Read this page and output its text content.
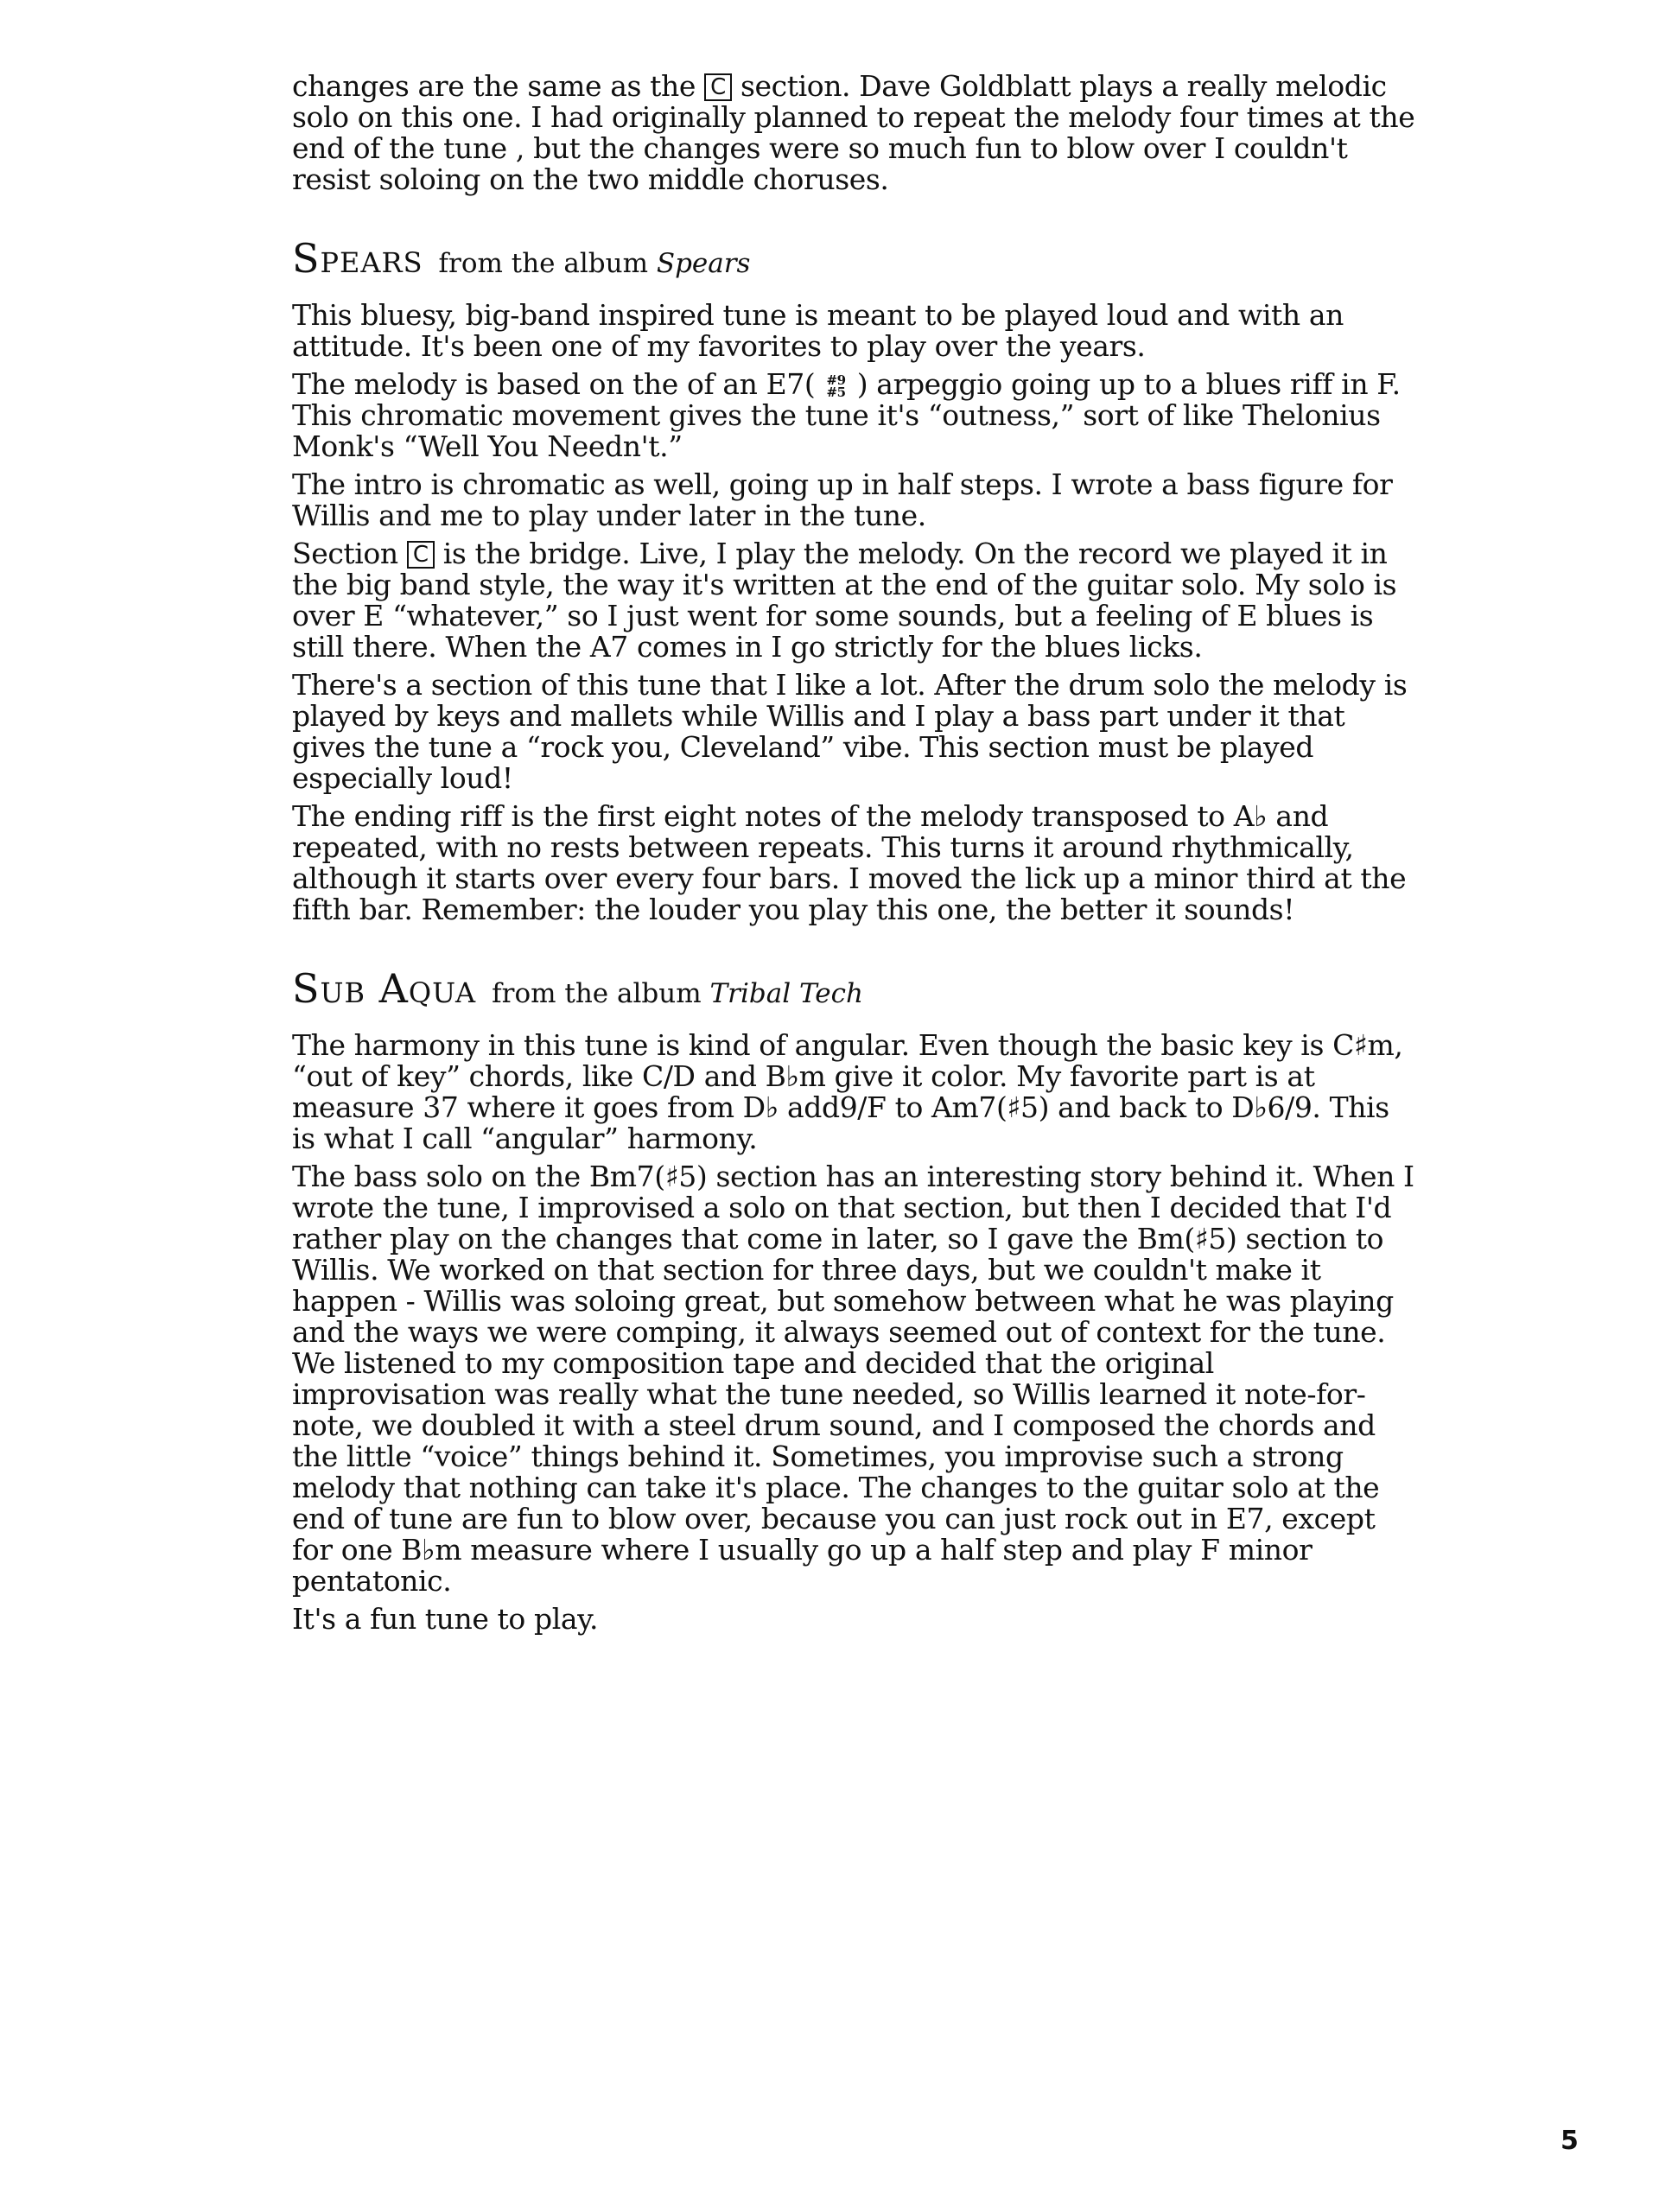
changes are the same as the C section. Dave Goldblatt plays a really melodic solo on this one. I had originally planned to repeat the melody four times at the end of the tune , but the changes were so much fun to blow over I couldn't resist soloing on the two middle choruses.

Spears from the album Spears

This bluesy, big-band inspired tune is meant to be played loud and with an attitude. It's been one of my favorites to play over the years.

The melody is based on the of an E7( #9
#5 ) arpeggio going up to a blues riff in F. This chromatic movement gives the tune it's “outness,” sort of like Thelonius Monk's “Well You Needn't.”

The intro is chromatic as well, going up in half steps. I wrote a bass figure for Willis and me to play under later in the tune.

Section C is the bridge. Live, I play the melody. On the record we played it in the big band style, the way it's written at the end of the guitar solo. My solo is over E “whatever,” so I just went for some sounds, but a feeling of E blues is still there. When the A7 comes in I go strictly for the blues licks.

There's a section of this tune that I like a lot. After the drum solo the melody is played by keys and mallets while Willis and I play a bass part under it that gives the tune a “rock you, Cleveland” vibe. This section must be played especially loud!

The ending riff is the first eight notes of the melody transposed to A♭ and repeated, with no rests between repeats. This turns it around rhythmically, although it starts over every four bars. I moved the lick up a minor third at the fifth bar. Remember: the louder you play this one, the better it sounds!

Sub Aqua from the album Tribal Tech

The harmony in this tune is kind of angular. Even though the basic key is C♯m, “out of key” chords, like C/D and B♭m give it color. My favorite part is at measure 37 where it goes from D♭ add9/F to Am7(♯5) and back to D♭6/9. This is what I call “angular” harmony.

The bass solo on the Bm7(♯5) section has an interesting story behind it. When I wrote the tune, I improvised a solo on that section, but then I decided that I'd rather play on the changes that come in later, so I gave the Bm(♯5) section to Willis. We worked on that section for three days, but we couldn't make it happen - Willis was soloing great, but somehow between what he was playing and the ways we were comping, it always seemed out of context for the tune. We listened to my composition tape and decided that the original improvisation was really what the tune needed, so Willis learned it note-for-note, we doubled it with a steel drum sound, and I composed the chords and the little “voice” things behind it. Sometimes, you improvise such a strong melody that nothing can take it's place. The changes to the guitar solo at the end of tune are fun to blow over, because you can just rock out in E7, except for one B♭m measure where I usually go up a half step and play F minor pentatonic.

It's a fun tune to play.

5
